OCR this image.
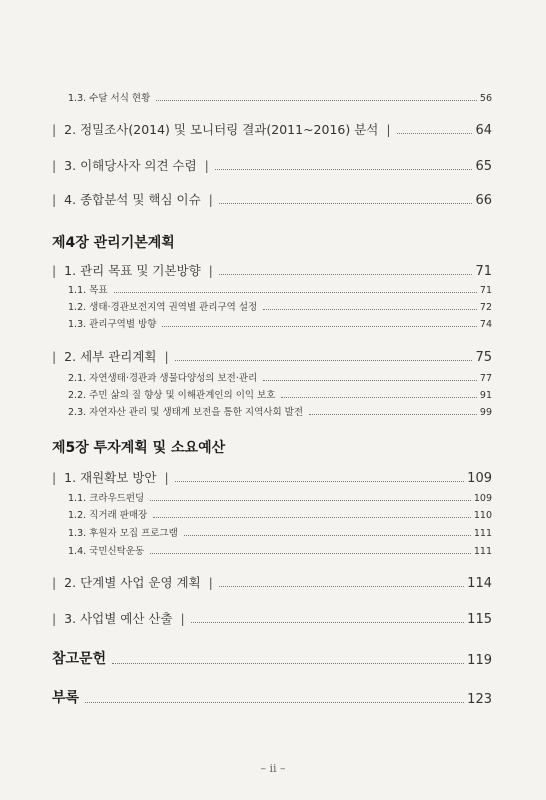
1.3. 수달 서식 현황	56
| 2. 정밀조사(2014) 및 모니터링 결과(2011~2016) 분석 |	64
| 3. 이해당사자 의견 수렴 |	65
| 4. 종합분석 및 핵심 이슈 |	66
제4장 관리기본계획
| 1. 관리 목표 및 기본방향 |	71
1.1. 목표	71
1.2. 생태·경관보전지역 권역별 관리구역 설정	72
1.3. 관리구역별 방향	74
| 2. 세부 관리계획 |	75
2.1. 자연생태·경관과 생물다양성의 보전·관리	77
2.2. 주민 삶의 질 향상 및 이해관계인의 이익 보호	91
2.3. 자연자산 관리 및 생태계 보전을 통한 지역사회 발전	99
제5장 투자계획 및 소요예산
| 1. 재원확보 방안 |	109
1.1. 크라우드펀딩	109
1.2. 직거래 판매장	110
1.3. 후원자 모집 프로그램	111
1.4. 국민신탁운동	111
| 2. 단계별 사업 운영 계획 |	114
| 3. 사업별 예산 산출 |	115
참고문헌	119
부록	123
– ii –
